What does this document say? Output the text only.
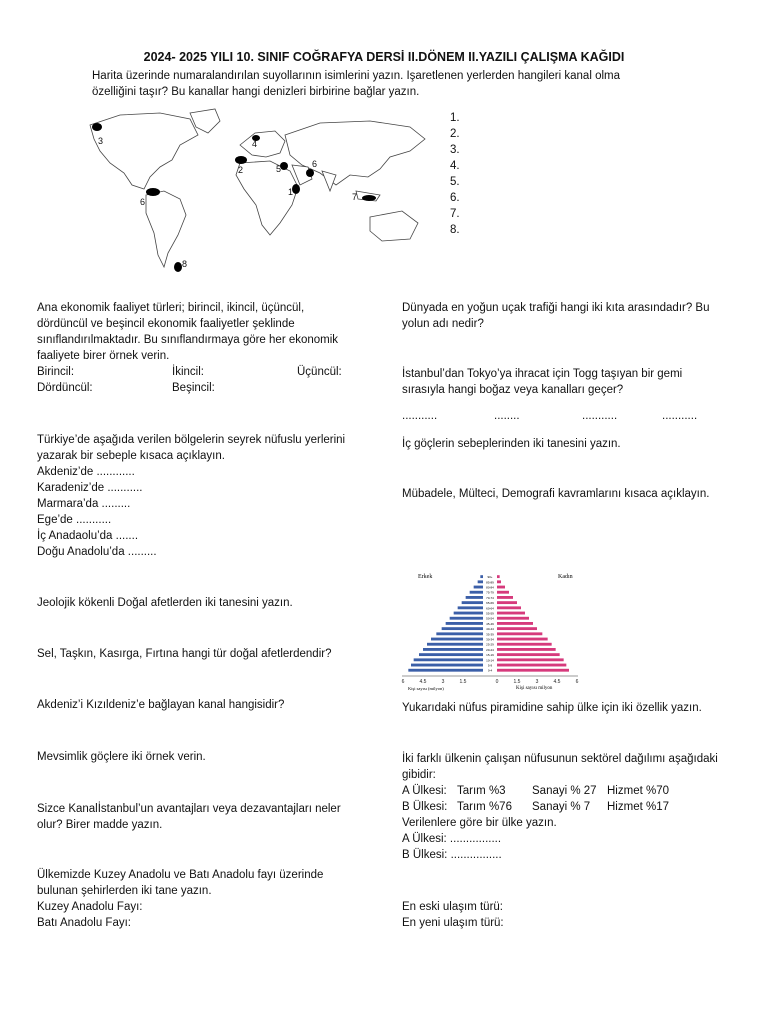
2024- 2025 YILI 10. SINIF COĞRAFYA DERSİ II.DÖNEM II.YAZILI ÇALIŞMA KAĞIDI

Harita üzerinde numaralandırılan suyollarının isimlerini yazın. Işaretlenen yerlerden hangileri kanal olma

özelliğini taşır? Bu kanallar hangi denizleri birbirine bağlar yazın.

1
2
3	4
5	6
6	7
8
1.
2.
3.
4.
5.
6.
7.
8.

Ana ekonomik faaliyet türleri; birincil, ikincil, üçüncül,

dördüncül ve beşincil ekonomik faaliyetler şeklinde

sınıflandırılmaktadır. Bu sınıflandırmaya göre her ekonomik

faaliyete birer örnek verin.

Birincil:	İkincil:	Üçüncül:
Dördüncül:	Beşincil:

Türkiye’de aşağıda verilen bölgelerin seyrek nüfuslu yerlerini

yazarak bir sebeple kısaca açıklayın.

Akdeniz’de ............

Karadeniz’de ...........

Marmara’da .........

Ege’de ...........

İç Anadaolu’da .......

Doğu Anadolu’da .........

Jeolojik kökenli Doğal afetlerden iki tanesini yazın.

Sel, Taşkın, Kasırga, Fırtına hangi tür doğal afetlerdendir?

Akdeniz’i Kızıldeniz’e bağlayan kanal hangisidir?

Mevsimlik göçlere iki örnek verin.

Sizce Kanalİstanbul’un avantajları veya dezavantajları neler

olur? Birer madde yazın.

Ülkemizde Kuzey Anadolu ve Batı Anadolu fayı üzerinde

bulunan şehirlerden iki tane yazın.

Kuzey Anadolu Fayı:

Batı Anadolu Fayı:

Dünyada en yoğun uçak trafiği hangi iki kıta arasındadır? Bu

yolun adı nedir?

İstanbul’dan Tokyo’ya ihracat için Togg taşıyan bir gemi

sırasıyla hangi boğaz veya kanalları geçer?

...........	........	...........	...........

İç göçlerin sebeplerinden iki tanesini yazın.

Mübadele, Mülteci, Demografi kavramlarını kısaca açıklayın.

Erkek	Kadın
0-4
5-9
10-14
15-19
20-24
25-29
30-34
35-39
40-44
45-49
50-54
55-59
60-64
65-69
70-74
75-79
80-84
85-89
90+
6	4.5	3	1.5	0	1.5	3	4.5	6
Kişi sayısı (milyon)	Kişi sayısı milyon

Yukarıdaki nüfus piramidine sahip ülke için iki özellik yazın.

İki farklı ülkenin çalışan nüfusunun sektörel dağılımı aşağıdaki

gibidir:

A Ülkesi: Tarım %3	Sanayi % 27 Hizmet %70
B Ülkesi: Tarım %76	Sanayi % 7	Hizmet %17

Verilenlere göre bir ülke yazın.

A Ülkesi: ................

B Ülkesi: ................

En eski ulaşım türü:

En yeni ulaşım türü:
